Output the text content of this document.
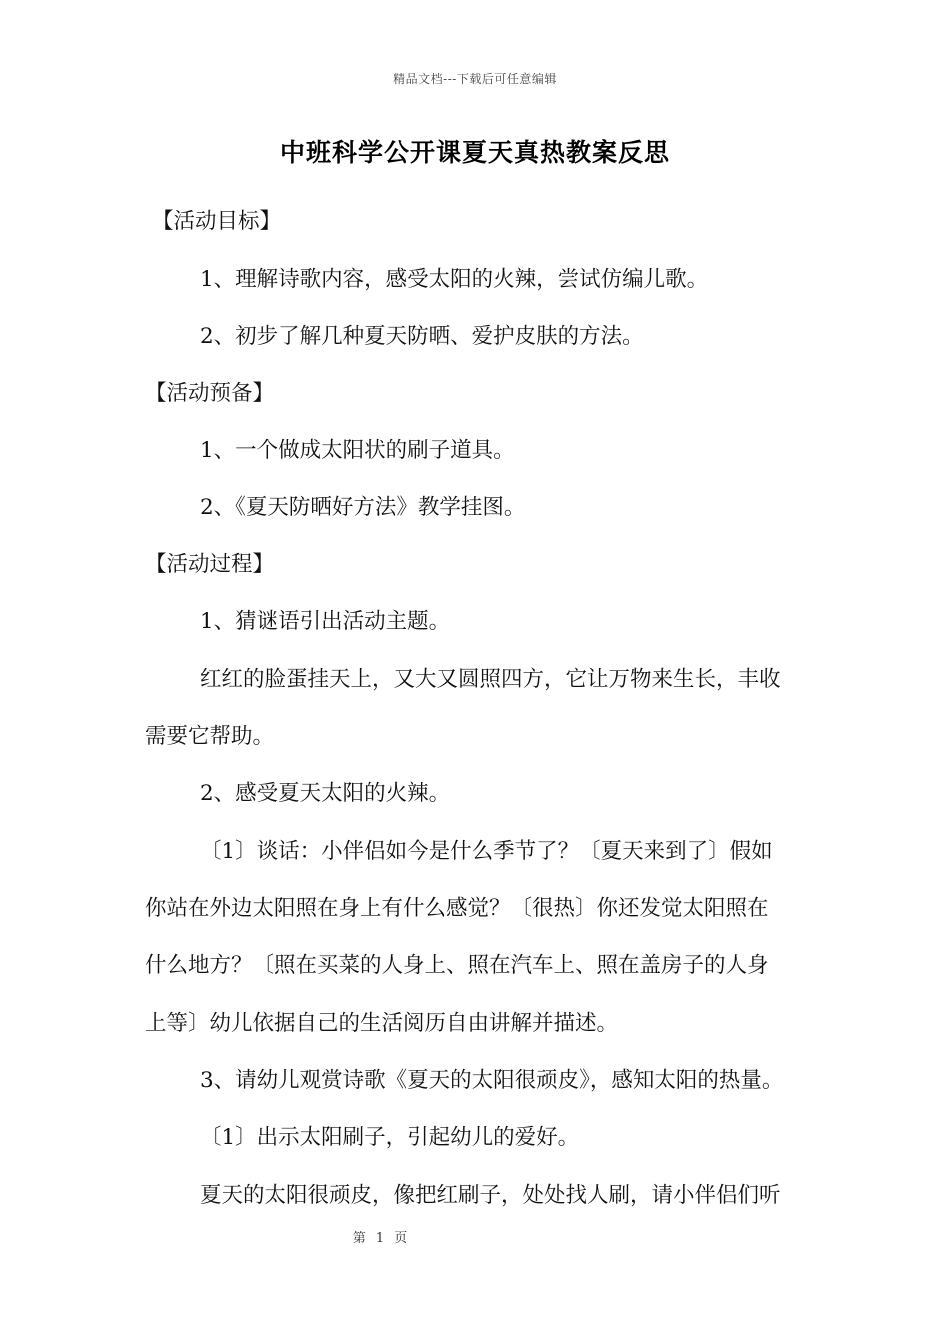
精品文档---下载后可任意编辑
中班科学公开课夏天真热教案反思
【活动目标】
1、理解诗歌内容，感受太阳的火辣，尝试仿编儿歌。
2、初步了解几种夏天防晒、爱护皮肤的方法。
【活动预备】
1、一个做成太阳状的刷子道具。
2、《夏天防晒好方法》教学挂图。
【活动过程】
1、猜谜语引出活动主题。
红红的脸蛋挂天上，又大又圆照四方，它让万物来生长，丰收
需要它帮助。
2、感受夏天太阳的火辣。
〔1〕谈话：小伴侣如今是什么季节了？〔夏天来到了〕假如
你站在外边太阳照在身上有什么感觉？〔很热〕你还发觉太阳照在
什么地方？〔照在买菜的人身上、照在汽车上、照在盖房子的人身
上等〕幼儿依据自己的生活阅历自由讲解并描述。
3、请幼儿观赏诗歌《夏天的太阳很顽皮》，感知太阳的热量。
〔1〕出示太阳刷子，引起幼儿的爱好。
夏天的太阳很顽皮，像把红刷子，处处找人刷，请小伴侣们听
第 1 页
